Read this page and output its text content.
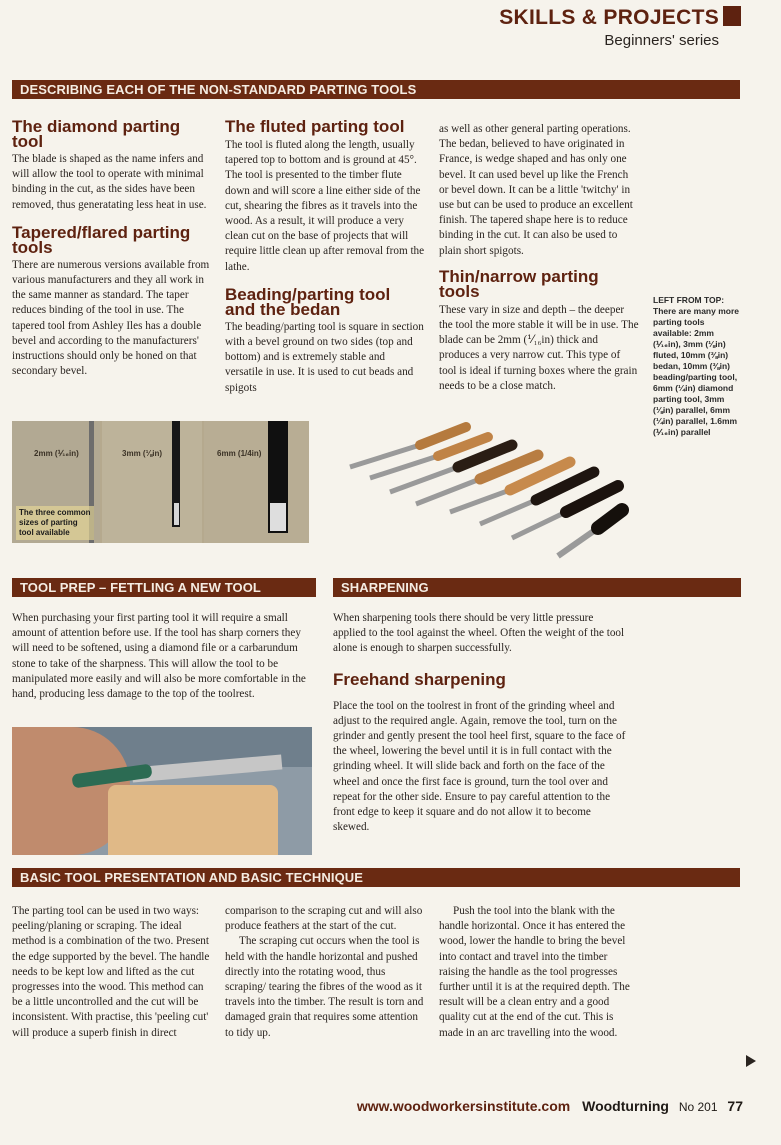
SKILLS & PROJECTS
Beginners' series
DESCRIBING EACH OF THE NON-STANDARD PARTING TOOLS
The diamond parting tool

The blade is shaped as the name infers and will allow the tool to operate with minimal binding in the cut, as the sides have been removed, thus generatating less heat in use.

Tapered/flared parting tools

There are numerous versions available from various manufacturers and they all work in the same manner as standard. The taper reduces binding of the tool in use. The tapered tool from Ashley Iles has a double bevel and according to the manufacturers' instructions should only be honed on that secondary bevel.

The fluted parting tool

The tool is fluted along the length, usually tapered top to bottom and is ground at 45°. The tool is presented to the timber flute down and will score a line either side of the cut, shearing the fibres as it travels into the wood. As a result, it will produce a very clean cut on the base of projects that will require little clean up after removal from the lathe.

Beading/parting tool and the bedan

The beading/parting tool is square in section with a bevel ground on two sides (top and bottom) and is extremely stable and versatile in use. It is used to cut beads and spigots

as well as other general parting operations. The bedan, believed to have originated in France, is wedge shaped and has only one bevel. It can used bevel up like the French or bevel down. It can be a little 'twitchy' in use but can be used to produce an excellent finish. The tapered shape here is to reduce binding in the cut. It can also be used to plain short spigots.

Thin/narrow parting tools

These vary in size and depth – the deeper the tool the more stable it will be in use. The blade can be 2mm (⅟₁₆in) thick and produces a very narrow cut. This type of tool is ideal if turning boxes where the grain needs to be a close match.

LEFT FROM TOP: There are many more parting tools available: 2mm (⅟₁₆in), 3mm (⅛in) fluted, 10mm (⅜in) bedan, 10mm (⅜in) beading/parting tool, 6mm (¼in) diamond parting tool, 3mm (⅛in) parallel, 6mm (¼in) parallel, 1.6mm (⅟₁₆in) parallel
2mm (⅟₁₆in)	3mm (⅛in)	6mm (1/4in)
The three common sizes of parting tool available
TOOL PREP – FETTLING A NEW TOOL	SHARPENING

When purchasing your first parting tool it will require a small amount of attention before use. If the tool has sharp corners they will need to be softened, using a diamond file or a carbarundum stone to take of the sharpness. This will allow the tool to be manipulated more easily and will also be more comfortable in the hand, producing less damage to the top of the toolrest.

When sharpening tools there should be very little pressure applied to the tool against the wheel. Often the weight of the tool alone is enough to sharpen successfully.

Freehand sharpening

Place the tool on the toolrest in front of the grinding wheel and adjust to the required angle. Again, remove the tool, turn on the grinder and gently present the tool heel first, square to the face of the wheel, lowering the bevel until it is in full contact with the grinding wheel. It will slide back and forth on the face of the wheel and once the first face is ground, turn the tool over and repeat for the other side. Ensure to pay careful attention to the front edge to keep it square and do not allow it to become skewed.

BASIC TOOL PRESENTATION AND BASIC TECHNIQUE

The parting tool can be used in two ways: peeling/planing or scraping. The ideal method is a combination of the two. Present the edge supported by the bevel. The handle needs to be kept low and lifted as the cut progresses into the wood. This method can be a little uncontrolled and the cut will be inconsistent. With practise, this 'peeling cut' will produce a superb finish in direct

comparison to the scraping cut and will also produce feathers at the start of the cut.

The scraping cut occurs when the tool is held with the handle horizontal and pushed directly into the rotating wood, thus scraping/ tearing the fibres of the wood as it travels into the timber. The result is torn and damaged grain that requires some attention to tidy up.

Push the tool into the blank with the handle horizontal. Once it has entered the wood, lower the handle to bring the bevel into contact and travel into the timber raising the handle as the tool progresses further until it is at the required depth. The result will be a clean entry and a good quality cut at the end of the cut. This is made in an arc travelling into the wood.

www.woodworkersinstitute.com Woodturning No 201 77
